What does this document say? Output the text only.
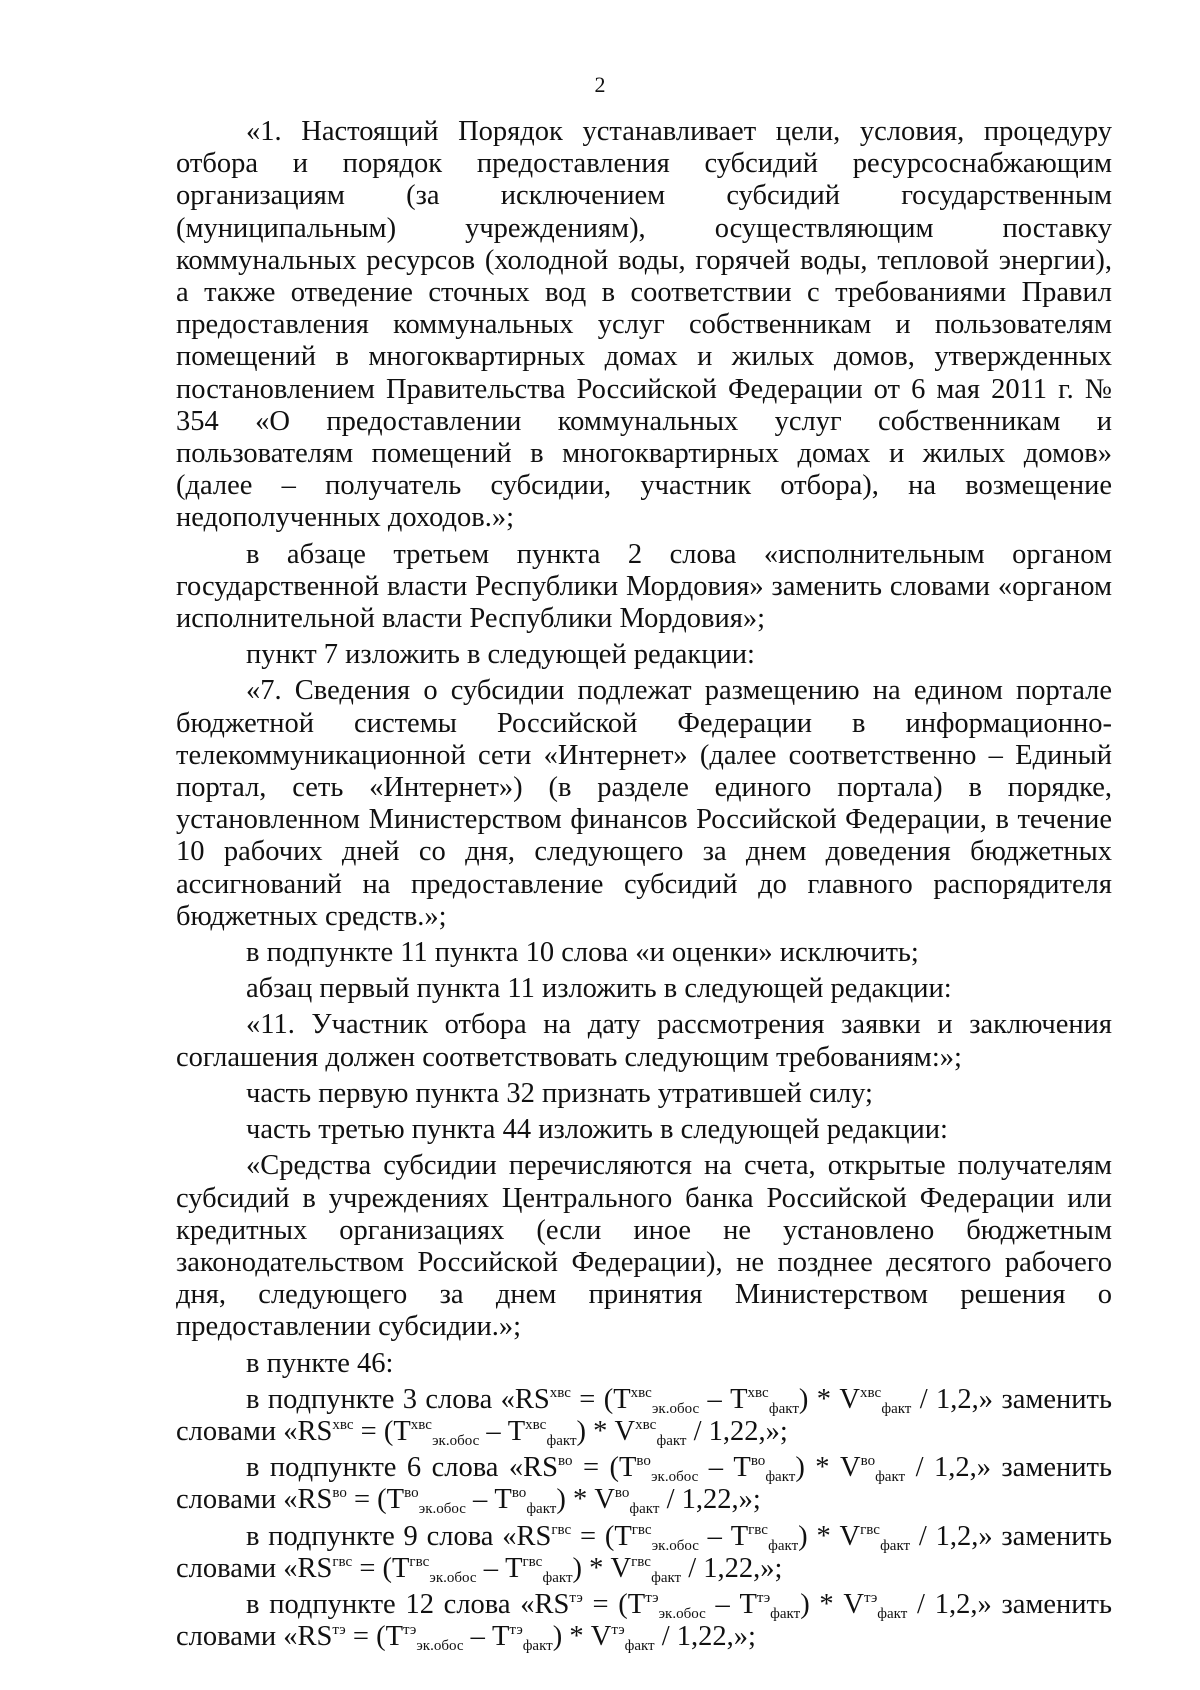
2

«1. Настоящий Порядок устанавливает цели, условия, процедуру отбора и порядок предоставления субсидий ресурсоснабжающим организациям (за исключением субсидий государственным (муниципальным) учреждениям), осуществляющим поставку коммунальных ресурсов (холодной воды, горячей воды, тепловой энергии), а также отведение сточных вод в соответствии с требованиями Правил предоставления коммунальных услуг собственникам и пользователям помещений в многоквартирных домах и жилых домов, утвержденных постановлением Правительства Российской Федерации от 6 мая 2011 г. № 354 «О предоставлении коммунальных услуг собственникам и пользователям помещений в многоквартирных домах и жилых домов» (далее – получатель субсидии, участник отбора), на возмещение недополученных доходов.»;

в абзаце третьем пункта 2 слова «исполнительным органом государственной власти Республики Мордовия» заменить словами «органом исполнительной власти Республики Мордовия»;

пункт 7 изложить в следующей редакции:

«7. Сведения о субсидии подлежат размещению на едином портале бюджетной системы Российской Федерации в информационно-телекоммуникационной сети «Интернет» (далее соответственно – Единый портал, сеть «Интернет») (в разделе единого портала) в порядке, установленном Министерством финансов Российской Федерации, в течение 10 рабочих дней со дня, следующего за днем доведения бюджетных ассигнований на предоставление субсидий до главного распорядителя бюджетных средств.»;

в подпункте 11 пункта 10 слова «и оценки» исключить;

абзац первый пункта 11 изложить в следующей редакции:

«11. Участник отбора на дату рассмотрения заявки и заключения соглашения должен соответствовать следующим требованиям:»;

часть первую пункта 32 признать утратившей силу;

часть третью пункта 44 изложить в следующей редакции:

«Средства субсидии перечисляются на счета, открытые получателям субсидий в учреждениях Центрального банка Российской Федерации или кредитных организациях (если иное не установлено бюджетным законодательством Российской Федерации), не позднее десятого рабочего дня, следующего за днем принятия Министерством решения о предоставлении субсидии.»;

в пункте 46:

в подпункте 3 слова «$RS^{хвс} = (T^{хвс}_{эк.обос} - T^{хвс}_{факт}) * V^{хвс}_{факт} / 1,2$,» заменить словами «$RS^{хвс} = (T^{хвс}_{эк.обос} - T^{хвс}_{факт}) * V^{хвс}_{факт} / 1,22$,»;

в подпункте 6 слова «$RS^{во} = (T^{во}_{эк.обос} - T^{во}_{факт}) * V^{во}_{факт} / 1,2$,» заменить словами «$RS^{во} = (T^{во}_{эк.обос} - T^{во}_{факт}) * V^{во}_{факт} / 1,22$,»;

в подпункте 9 слова «$RS^{гвс} = (T^{гвс}_{эк.обос} - T^{гвс}_{факт}) * V^{гвс}_{факт} / 1,2$,» заменить словами «$RS^{гвс} = (T^{гвс}_{эк.обос} - T^{гвс}_{факт}) * V^{гвс}_{факт} / 1,22$,»;

в подпункте 12 слова «$RS^{тэ} = (T^{тэ}_{эк.обос} - T^{тэ}_{факт}) * V^{тэ}_{факт} / 1,2$,» заменить словами «$RS^{тэ} = (T^{тэ}_{эк.обос} - T^{тэ}_{факт}) * V^{тэ}_{факт} / 1,22$,»;
